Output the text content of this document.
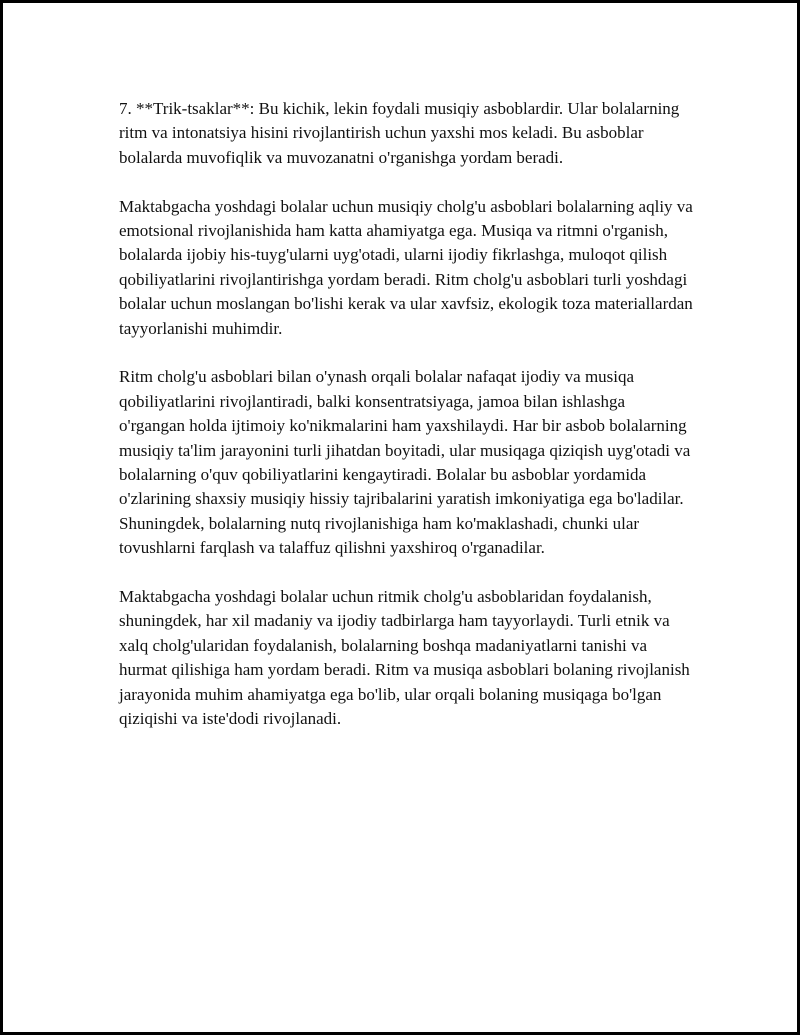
7. **Trik-tsaklar**: Bu kichik, lekin foydali musiqiy asboblardir. Ular bolalarning ritm va intonatsiya hisini rivojlantirish uchun yaxshi mos keladi. Bu asboblar bolalarda muvofiqlik va muvozanatni o'rganishga yordam beradi.

Maktabgacha yoshdagi bolalar uchun musiqiy cholg'u asboblari bolalarning aqliy va emotsional rivojlanishida ham katta ahamiyatga ega. Musiqa va ritmni o'rganish, bolalarda ijobiy his-tuyg'ularni uyg'otadi, ularni ijodiy fikrlashga, muloqot qilish qobiliyatlarini rivojlantirishga yordam beradi. Ritm cholg'u asboblari turli yoshdagi bolalar uchun moslangan bo'lishi kerak va ular xavfsiz, ekologik toza materiallardan tayyorlanishi muhimdir.

Ritm cholg'u asboblari bilan o'ynash orqali bolalar nafaqat ijodiy va musiqa qobiliyatlarini rivojlantiradi, balki konsentratsiyaga, jamoa bilan ishlashga o'rgangan holda ijtimoiy ko'nikmalarini ham yaxshilaydi. Har bir asbob bolalarning musiqiy ta'lim jarayonini turli jihatdan boyitadi, ular musiqaga qiziqish uyg'otadi va bolalarning o'quv qobiliyatlarini kengaytiradi. Bolalar bu asboblar yordamida o'zlarining shaxsiy musiqiy hissiy tajribalarini yaratish imkoniyatiga ega bo'ladilar. Shuningdek, bolalarning nutq rivojlanishiga ham ko'maklashadi, chunki ular tovushlarni farqlash va talaffuz qilishni yaxshiroq o'rganadilar.

Maktabgacha yoshdagi bolalar uchun ritmik cholg'u asboblaridan foydalanish, shuningdek, har xil madaniy va ijodiy tadbirlarga ham tayyorlaydi. Turli etnik va xalq cholg'ularidan foydalanish, bolalarning boshqa madaniyatlarni tanishi va hurmat qilishiga ham yordam beradi. Ritm va musiqa asboblari bolaning rivojlanish jarayonida muhim ahamiyatga ega bo'lib, ular orqali bolaning musiqaga bo'lgan qiziqishi va iste'dodi rivojlanadi.
